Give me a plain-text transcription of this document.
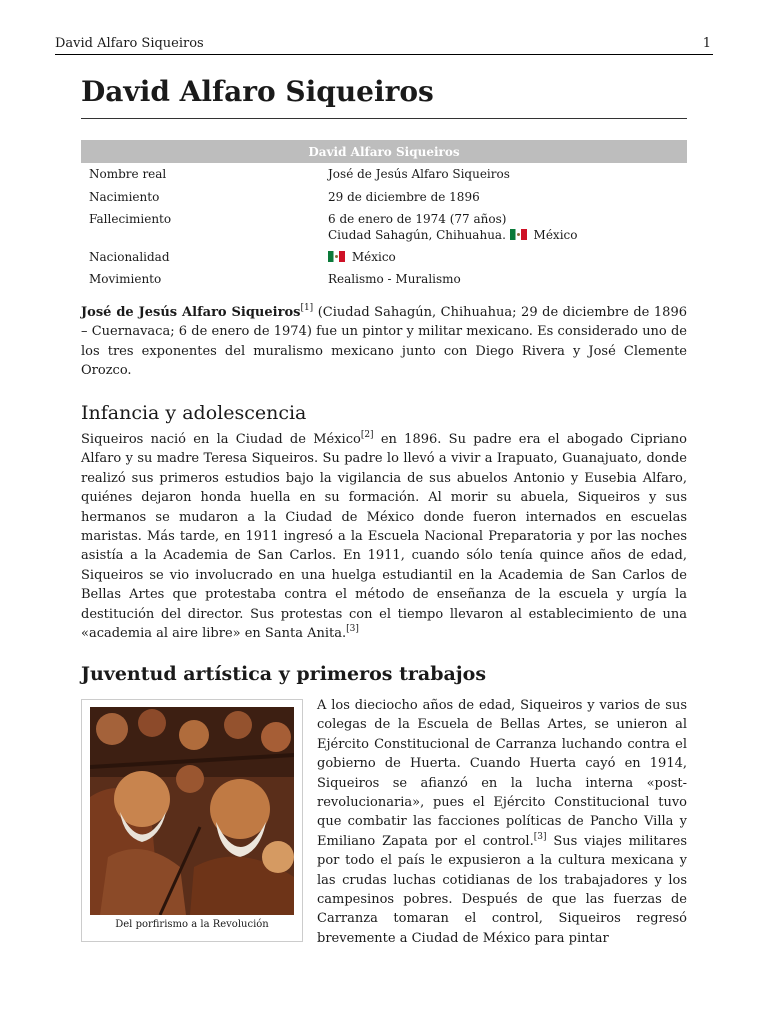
David Alfaro Siqueiros	1
David Alfaro Siqueiros
David Alfaro Siqueiros	
Nombre real	José de Jesús Alfaro Siqueiros
Nacimiento	29 de diciembre de 1896
Fallecimiento	6 de enero de 1974 (77 años)
Ciudad Sahagún, Chihuahua. México

Nacionalidad	México
Movimiento	Realismo - Muralismo

José de Jesús Alfaro Siqueiros[1] (Ciudad Sahagún, Chihuahua; 29 de diciembre de 1896 – Cuernavaca; 6 de enero de 1974) fue un pintor y militar mexicano. Es considerado uno de los tres exponentes del muralismo mexicano junto con Diego Rivera y José Clemente Orozco.

Infancia y adolescencia

Siqueiros nació en la Ciudad de México[2] en 1896. Su padre era el abogado Cipriano Alfaro y su madre Teresa Siqueiros. Su padre lo llevó a vivir a Irapuato, Guanajuato, donde realizó sus primeros estudios bajo la vigilancia de sus abuelos Antonio y Eusebia Alfaro, quiénes dejaron honda huella en su formación. Al morir su abuela, Siqueiros y sus hermanos se mudaron a la Ciudad de México donde fueron internados en escuelas maristas. Más tarde, en 1911 ingresó a la Escuela Nacional Preparatoria y por las noches asistía a la Academia de San Carlos. En 1911, cuando sólo tenía quince años de edad, Siqueiros se vio involucrado en una huelga estudiantil en la Academia de San Carlos de Bellas Artes que protestaba contra el método de enseñanza de la escuela y urgía la destitución del director. Sus protestas con el tiempo llevaron al establecimiento de una «academia al aire libre» en Santa Anita.[3]

Juventud artística y primeros trabajos
Del porfirismo a la Revolución

A los dieciocho años de edad, Siqueiros y varios de sus colegas de la Escuela de Bellas Artes, se unieron al Ejército Constitucional de Carranza luchando contra el gobierno de Huerta. Cuando Huerta cayó en 1914, Siqueiros se afianzó en la lucha interna «post-revolucionaria», pues el Ejército Constitucional tuvo que combatir las facciones políticas de Pancho Villa y Emiliano Zapata por el control.[3] Sus viajes militares por todo el país le expusieron a la cultura mexicana y las crudas luchas cotidianas de los trabajadores y los campesinos pobres. Después de que las fuerzas de Carranza tomaran el control, Siqueiros regresó brevemente a Ciudad de México para pintar
